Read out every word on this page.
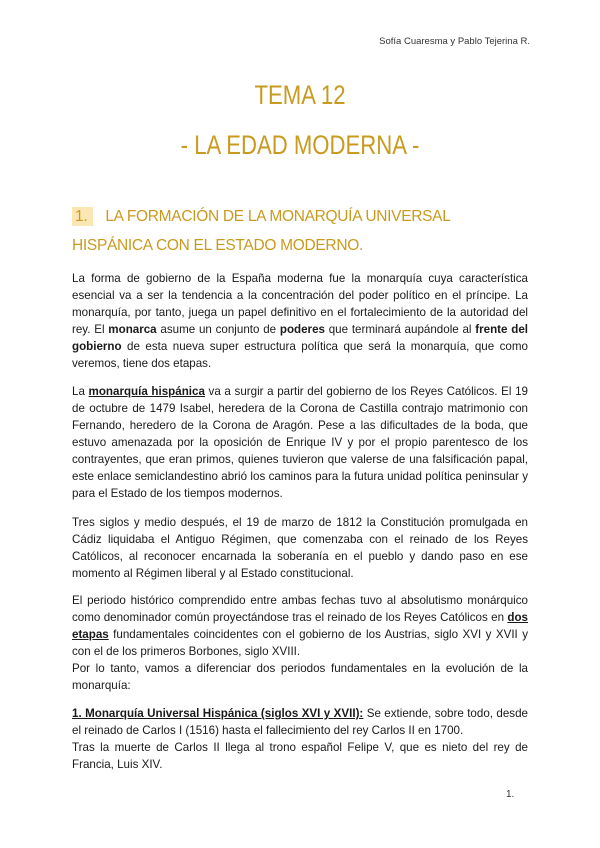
Sofía Cuaresma y Pablo Tejerina R.
TEMA 12
- LA EDAD MODERNA -
1. LA FORMACIÓN DE LA MONARQUÍA UNIVERSAL HISPÁNICA CON EL ESTADO MODERNO.

La forma de gobierno de la España moderna fue la monarquía cuya característica esencial va a ser la tendencia a la concentración del poder político en el príncipe. La monarquía, por tanto, juega un papel definitivo en el fortalecimiento de la autoridad del rey. El monarca asume un conjunto de poderes que terminará aupándole al frente del gobierno de esta nueva super estructura política que será la monarquía, que como veremos, tiene dos etapas.

La monarquía hispánica va a surgir a partir del gobierno de los Reyes Católicos. El 19 de octubre de 1479 Isabel, heredera de la Corona de Castilla contrajo matrimonio con Fernando, heredero de la Corona de Aragón. Pese a las dificultades de la boda, que estuvo amenazada por la oposición de Enrique IV y por el propio parentesco de los contrayentes, que eran primos, quienes tuvieron que valerse de una falsificación papal, este enlace semiclandestino abrió los caminos para la futura unidad política peninsular y para el Estado de los tiempos modernos.

Tres siglos y medio después, el 19 de marzo de 1812 la Constitución promulgada en Cádiz liquidaba el Antiguo Régimen, que comenzaba con el reinado de los Reyes Católicos, al reconocer encarnada la soberanía en el pueblo y dando paso en ese momento al Régimen liberal y al Estado constitucional.

El periodo histórico comprendido entre ambas fechas tuvo al absolutismo monárquico como denominador común proyectándose tras el reinado de los Reyes Católicos en dos etapas fundamentales coincidentes con el gobierno de los Austrias, siglo XVI y XVII y con el de los primeros Borbones, siglo XVIII.

Por lo tanto, vamos a diferenciar dos periodos fundamentales en la evolución de la monarquía:

1. Monarquía Universal Hispánica (siglos XVI y XVII): Se extiende, sobre todo, desde el reinado de Carlos I (1516) hasta el fallecimiento del rey Carlos II en 1700.

Tras la muerte de Carlos II llega al trono español Felipe V, que es nieto del rey de Francia, Luis XIV.

1.
